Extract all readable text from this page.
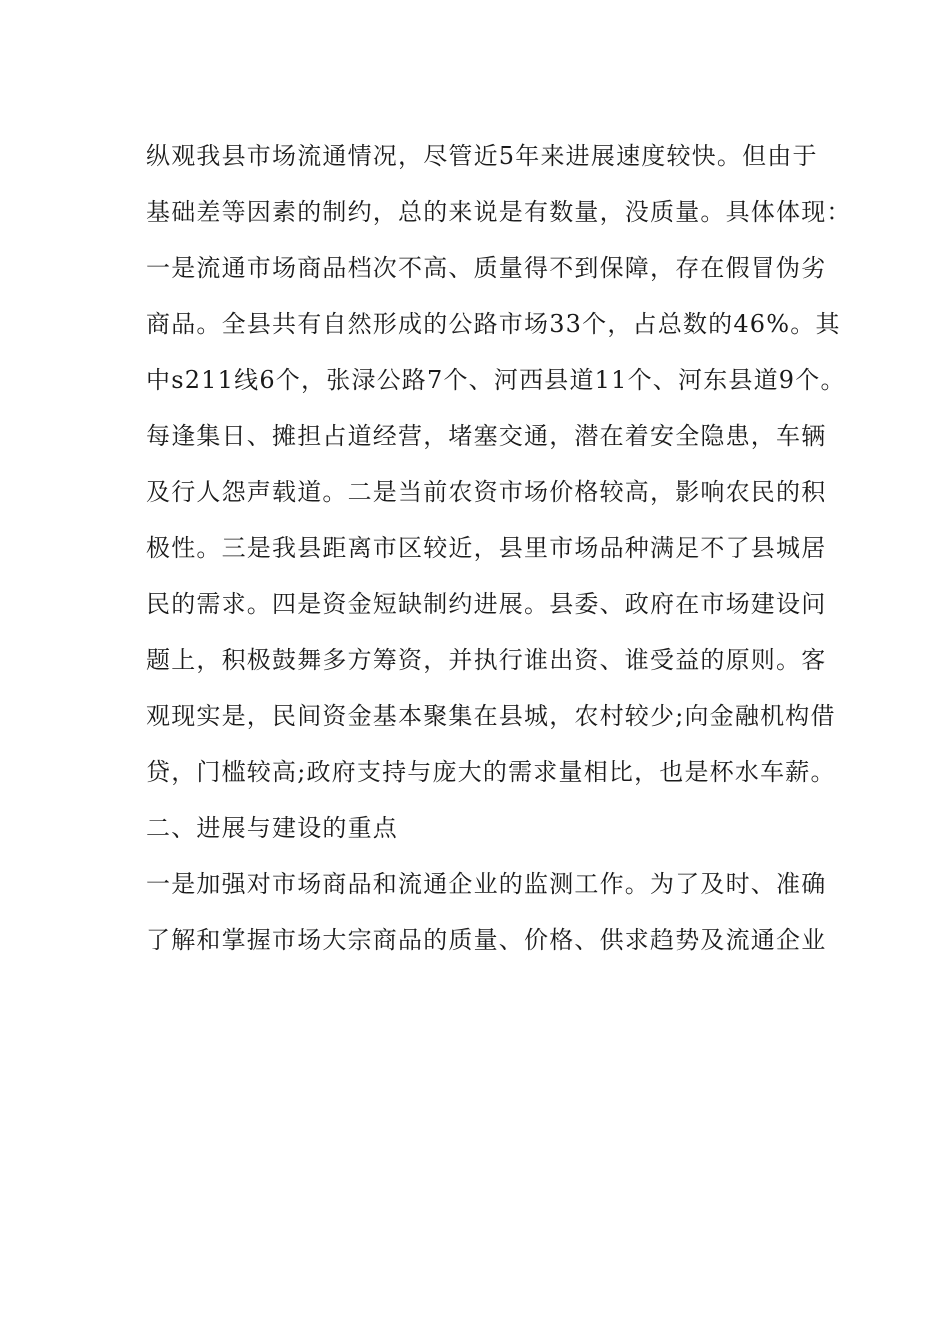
纵观我县市场流通情况，尽管近5年来进展速度较快。但由于
基础差等因素的制约，总的来说是有数量，没质量。具体体现：
一是流通市场商品档次不高、质量得不到保障，存在假冒伪劣
商品。全县共有自然形成的公路市场33个，占总数的46%。其
中s211线6个，张渌公路7个、河西县道11个、河东县道9个。
每逢集日、摊担占道经营，堵塞交通，潜在着安全隐患，车辆
及行人怨声载道。二是当前农资市场价格较高，影响农民的积
极性。三是我县距离市区较近，县里市场品种满足不了县城居
民的需求。四是资金短缺制约进展。县委、政府在市场建设问
题上，积极鼓舞多方筹资，并执行谁出资、谁受益的原则。客
观现实是，民间资金基本聚集在县城，农村较少;向金融机构借
贷，门槛较高;政府支持与庞大的需求量相比，也是杯水车薪。
二、进展与建设的重点
一是加强对市场商品和流通企业的监测工作。为了及时、准确
了解和掌握市场大宗商品的质量、价格、供求趋势及流通企业
